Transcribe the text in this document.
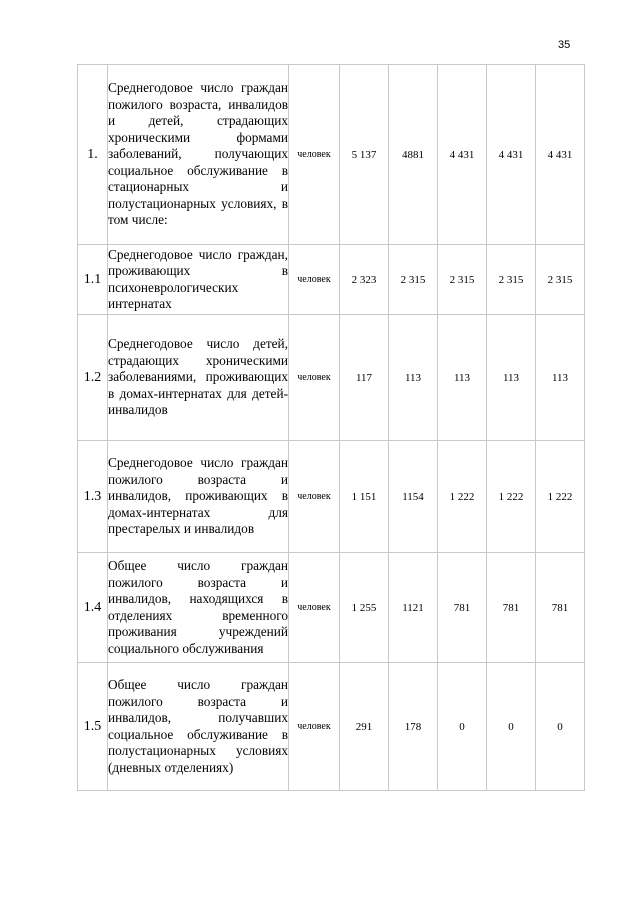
35
1.	Среднегодовое число граждан пожилого возраста, инвалидов и детей, страдающих хроническими формами заболеваний, получающих социальное обслуживание в стационарных и полустационарных условиях, в том числе:	человек	5 137	4881	4 431	4 431	4 431
1.1	Среднегодовое число граждан, проживающих в психоневрологических интернатах	человек	2 323	2 315	2 315	2 315	2 315
1.2	Среднегодовое число детей, страдающих хроническими заболеваниями, проживающих в домах-интернатах для детей-инвалидов	человек	117	113	113	113	113
1.3	Среднегодовое число граждан пожилого возраста и инвалидов, проживающих в домах-интернатах для престарелых и инвалидов	человек	1 151	1154	1 222	1 222	1 222
1.4	Общее число граждан пожилого возраста и инвалидов, находящихся в отделениях временного проживания учреждений социального обслуживания	человек	1 255	1121	781	781	781
1.5	Общее число граждан пожилого возраста и инвалидов, получавших социальное обслуживание в полустационарных условиях (дневных отделениях)	человек	291	178	0	0	0
